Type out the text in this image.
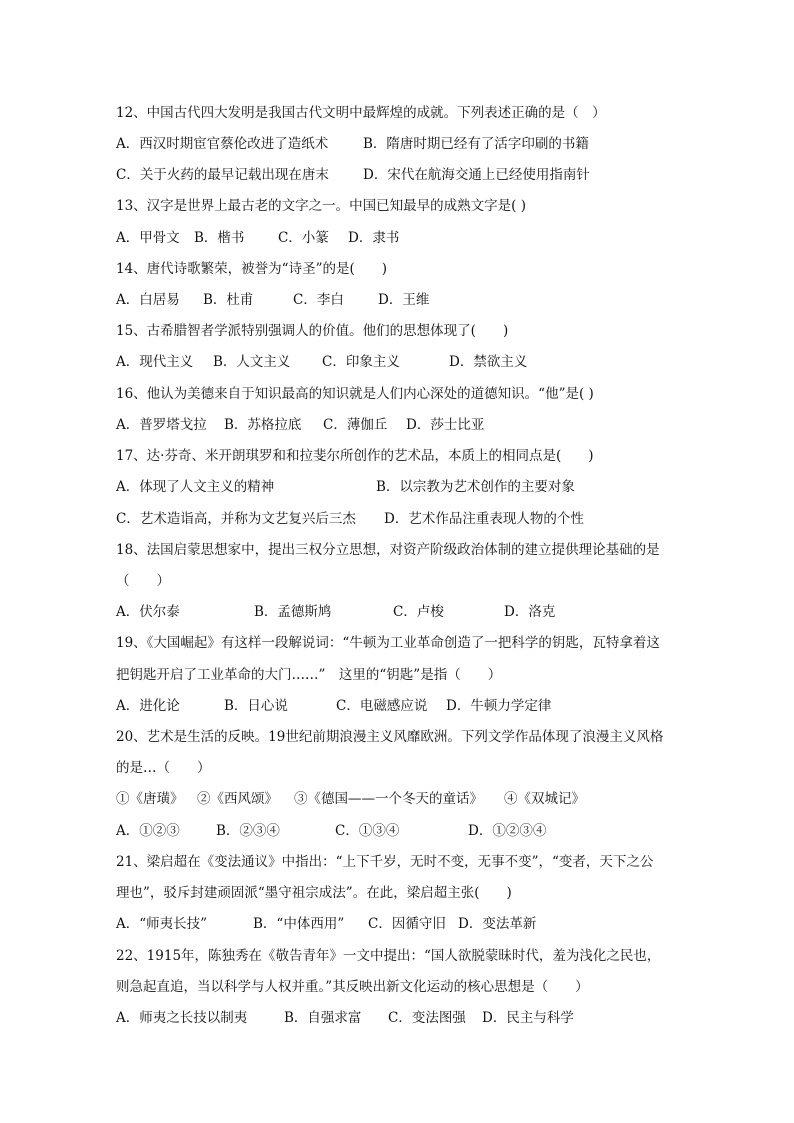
12、中国古代四大发明是我国古代文明中最辉煌的成就。下列表述正确的是（　）
A．西汉时期宦官蔡伦改进了造纸术	B．隋唐时期已经有了活字印刷的书籍
C．关于火药的最早记载出现在唐末	D．宋代在航海交通上已经使用指南针
13、汉字是世界上最古老的文字之一。中国已知最早的成熟文字是( )
A．甲骨文 B．楷书 C．小篆 D．隶书
14、唐代诗歌繁荣，被誉为“诗圣”的是(　　)
A．白居易 B．杜甫	C．李白	D．王维
15、古希腊智者学派特别强调人的价值。他们的思想体现了(　　)
A．现代主义 B．人文主义 C．印象主义	D．禁欲主义
16、他认为美德来自于知识最高的知识就是人们内心深处的道德知识。“他”是( )
A．普罗塔戈拉 B．苏格拉底 C．薄伽丘 D．莎士比亚
17、达·芬奇、米开朗琪罗和和拉斐尔所创作的艺术品，本质上的相同点是(　　)
A．体现了人文主义的精神	B．以宗教为艺术创作的主要对象
C．艺术造诣高，并称为文艺复兴后三杰 D．艺术作品注重表现人物的个性
18、法国启蒙思想家中，提出三权分立思想，对资产阶级政治体制的建立提供理论基础的是
（　　）
A．伏尔泰	B．孟德斯鸠	C．卢梭	D．洛克
19、《大国崛起》有这样一段解说词：“牛顿为工业革命创造了一把科学的钥匙，瓦特拿着这
把钥匙开启了工业革命的大门……”　这里的“钥匙”是指（　　）
A．进化论	B．日心说	C．电磁感应说 D．牛顿力学定律
20、艺术是生活的反映。19世纪前期浪漫主义风靡欧洲。下列文学作品体现了浪漫主义风格
的是…（　　）
①《唐璜》 ②《西风颂》 ③《德国——一个冬天的童话》 ④《双城记》
A．①②③	B．②③④	C．①③④	D．①②③④
21、梁启超在《变法通议》中指出：“上下千岁，无时不变，无事不变”，“变者，天下之公
理也”，驳斥封建顽固派“墨守祖宗成法”。在此，梁启超主张(　　)
A．“师夷长技”	B．“中体西用” C．因循守旧 D．变法革新
22、1915年，陈独秀在《敬告青年》一文中提出：“国人欲脱蒙昧时代，羞为浅化之民也，
则急起直追，当以科学与人权并重。”其反映出新文化运动的核心思想是（　　）
A．师夷之长技以制夷	B．自强求富 C．变法图强 D．民主与科学
